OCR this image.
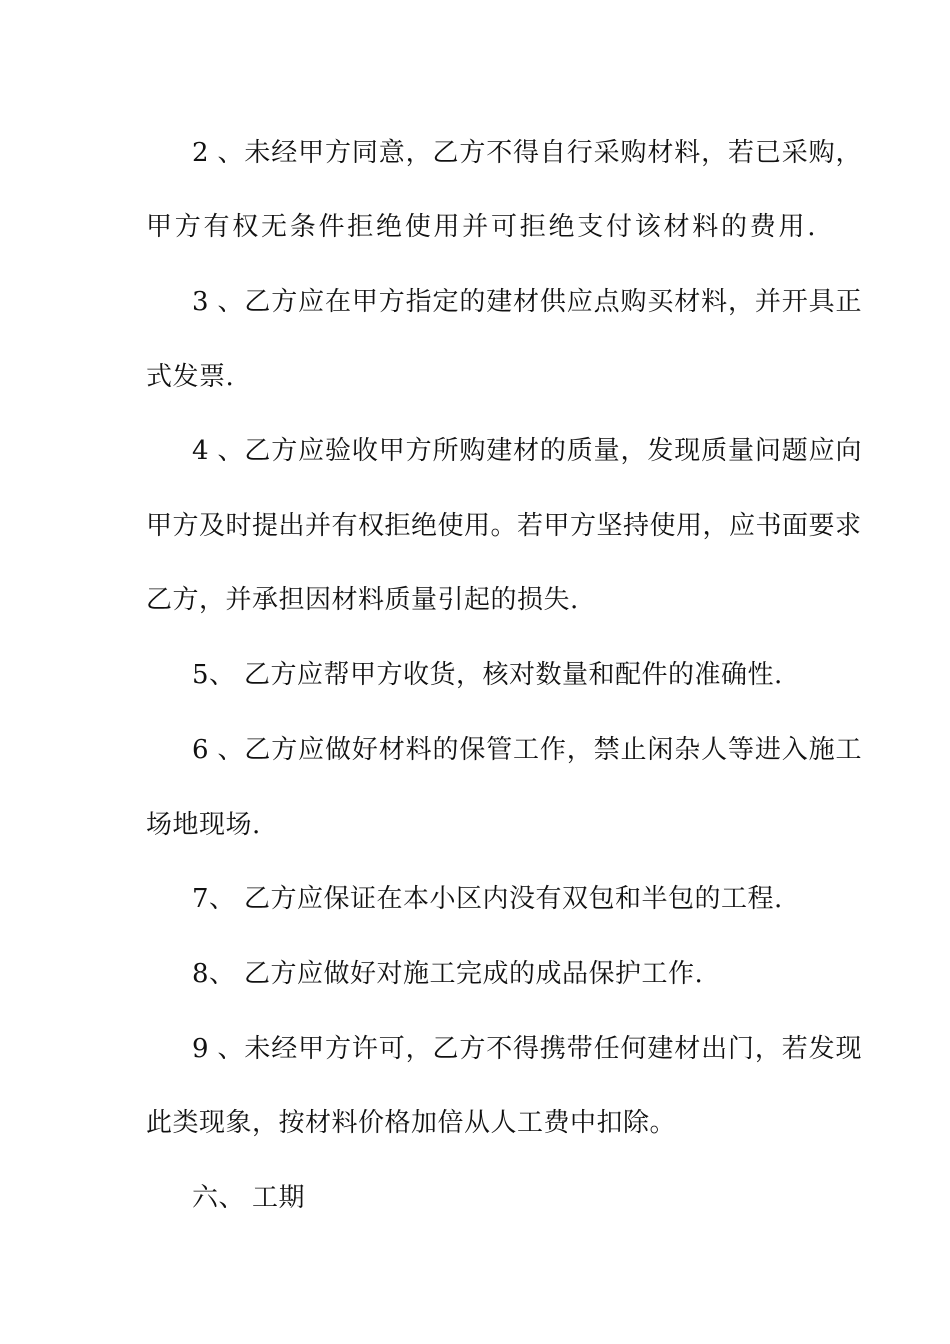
2、未经甲方同意，乙方不得自行采购材料，若已采购，
甲方有权无条件拒绝使用并可拒绝支付该材料的费用.
3、乙方应在甲方指定的建材供应点购买材料，并开具正
式发票.
4、乙方应验收甲方所购建材的质量，发现质量问题应向
甲方及时提出并有权拒绝使用。若甲方坚持使用，应书面要求
乙方，并承担因材料质量引起的损失.
5、 乙方应帮甲方收货，核对数量和配件的准确性.
6、乙方应做好材料的保管工作，禁止闲杂人等进入施工
场地现场.
7、 乙方应保证在本小区内没有双包和半包的工程.
8、 乙方应做好对施工完成的成品保护工作.
9、未经甲方许可，乙方不得携带任何建材出门，若发现
此类现象，按材料价格加倍从人工费中扣除。
六、 工期
